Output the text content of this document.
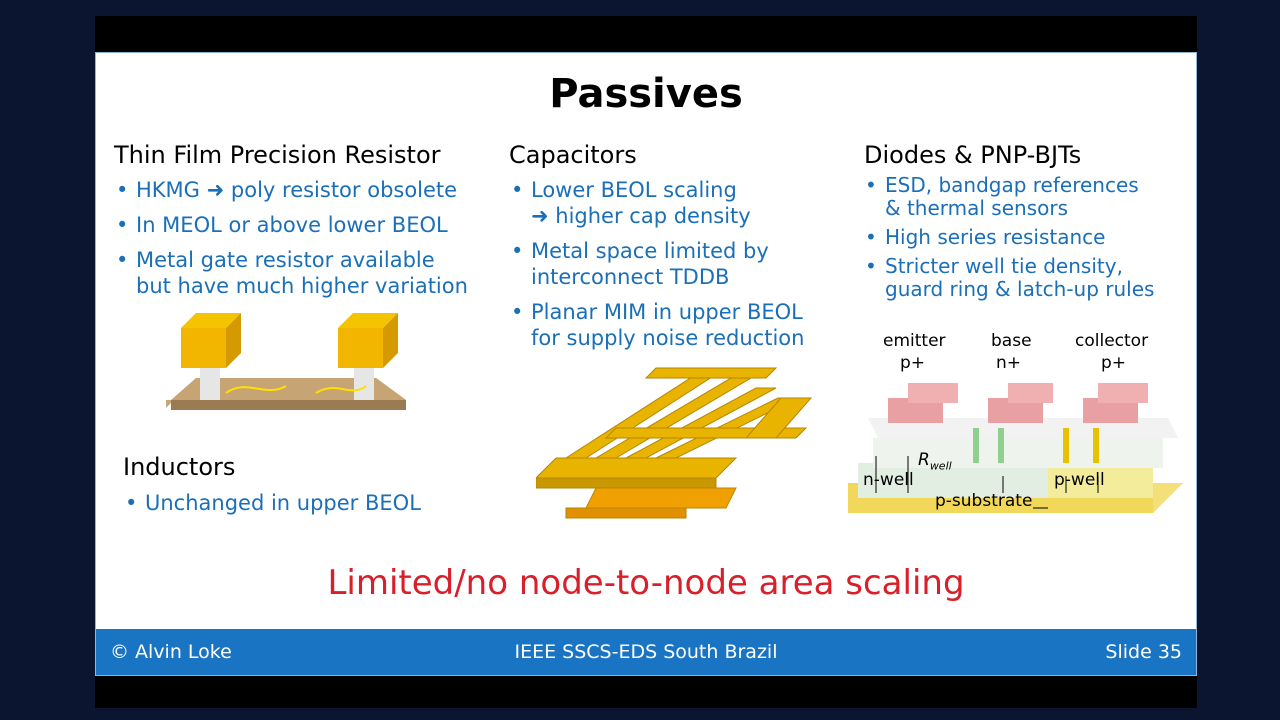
Passives
Thin Film Precision Resistor
• HKMG ➜ poly resistor obsolete
• In MEOL or above lower BEOL
• Metal gate resistor available
but have much higher variation
Inductors
• Unchanged in upper BEOL
Capacitors
• Lower BEOL scaling
➜ higher cap density
• Metal space limited by
interconnect TDDB
• Planar MIM in upper BEOL
for supply noise reduction
Diodes & PNP-BJTs
• ESD, bandgap references
& thermal sensors
• High series resistance
• Stricter well tie density,
guard ring & latch-up rules
emitter
p+
base
n+
collector
p+
$R_{well}$
n-well	p-well
p-substrate
Limited/no node-to-node area scaling
© Alvin Loke	IEEE SSCS-EDS South Brazil	Slide 35
